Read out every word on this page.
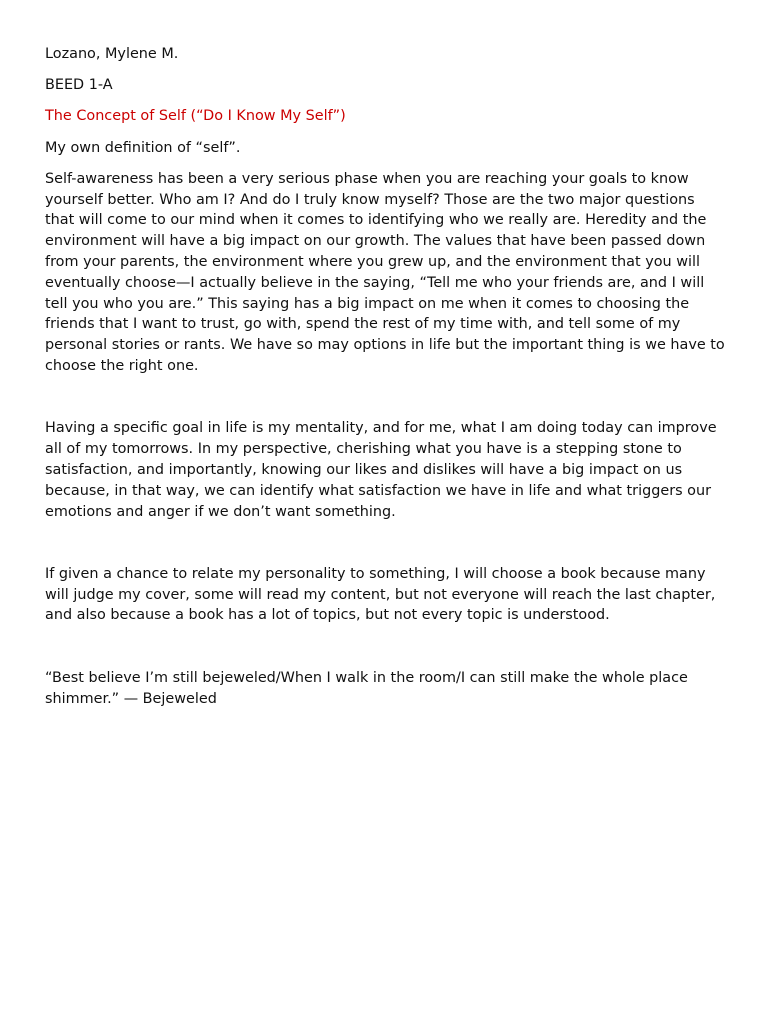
Lozano, Mylene M.

BEED 1-A

The Concept of Self (“Do I Know My Self”)

My own definition of “self”.

Self-awareness has been a very serious phase when you are reaching your goals to know yourself better. Who am I? And do I truly know myself? Those are the two major questions that will come to our mind when it comes to identifying who we really are. Heredity and the environment will have a big impact on our growth. The values that have been passed down from your parents, the environment where you grew up, and the environment that you will eventually choose—I actually believe in the saying, “Tell me who your friends are, and I will tell you who you are.” This saying has a big impact on me when it comes to choosing the friends that I want to trust, go with, spend the rest of my time with, and tell some of my personal stories or rants. We have so may options in life but the important thing is we have to choose the right one.

Having a specific goal in life is my mentality, and for me, what I am doing today can improve all of my tomorrows. In my perspective, cherishing what you have is a stepping stone to satisfaction, and importantly, knowing our likes and dislikes will have a big impact on us because, in that way, we can identify what satisfaction we have in life and what triggers our emotions and anger if we don’t want something.

If given a chance to relate my personality to something, I will choose a book because many will judge my cover, some will read my content, but not everyone will reach the last chapter, and also because a book has a lot of topics, but not every topic is understood.

“Best believe I’m still bejeweled/When I walk in the room/I can still make the whole place shimmer.” — Bejeweled
